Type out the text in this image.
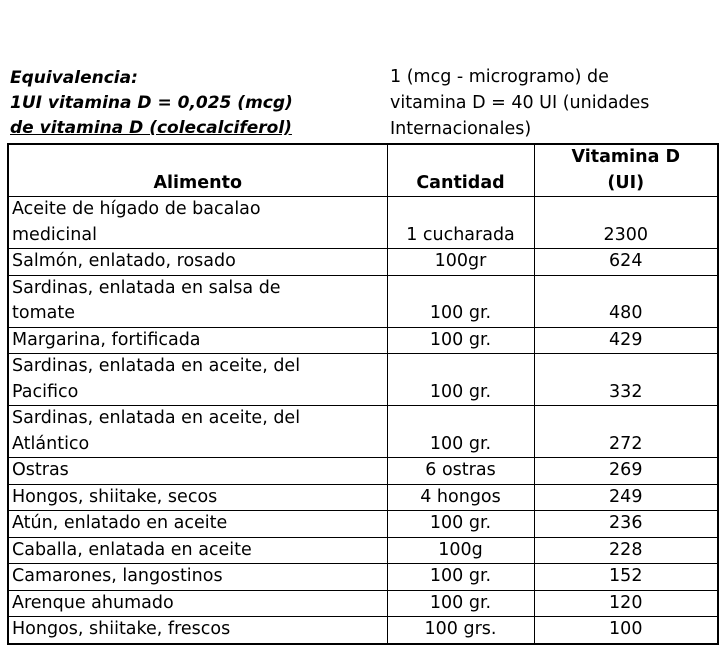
Equivalencia:
1UI vitamina D = 0,025 (mcg)
de vitamina D (colecalciferol)
1 (mcg - microgramo) de
vitamina D = 40 UI (unidades
Internacionales)
Alimento	Cantidad	Vitamina D
(UI)

Aceite de hígado de bacalao
medicinal	1 cucharada	2300

Salmón, enlatado, rosado	100gr	624

Sardinas, enlatada en salsa de
tomate	100 gr.	480

Margarina, fortificada	100 gr.	429

Sardinas, enlatada en aceite, del
Pacifico	100 gr.	332

Sardinas, enlatada en aceite, del
Atlántico	100 gr.	272

Ostras	6 ostras	269

Hongos, shiitake, secos	4 hongos	249

Atún, enlatado en aceite	100 gr.	236

Caballa, enlatada en aceite	100g	228

Camarones, langostinos	100 gr.	152

Arenque ahumado	100 gr.	120

Hongos, shiitake, frescos	100 grs.	100
